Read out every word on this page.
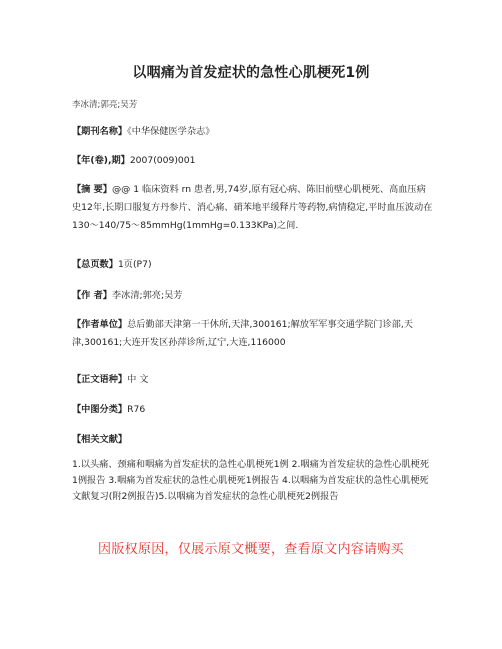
以咽痛为首发症状的急性心肌梗死1例
李冰清;郭亮;吴芳
【期刊名称】《中华保健医学杂志》
【年(卷),期】2007(009)001
【摘 要】@@ 1 临床资料 rn 患者,男,74岁,原有冠心病、陈旧前壁心肌梗死、高血压病史12年,长期口服复方丹参片、消心痛、硝苯地平缓释片等药物,病情稳定,平时血压波动在130～140/75～85mmHg(1mmHg=0.133KPa)之间.
【总页数】1页(P7)
【作 者】李冰清;郭亮;吴芳
【作者单位】总后勤部天津第一干休所,天津,300161;解放军军事交通学院门诊部,天津,300161;大连开发区孙萍诊所,辽宁,大连,116000
【正文语种】中 文
【中图分类】R76
【相关文献】
1.以头痛、颈痛和咽痛为首发症状的急性心肌梗死1例 2.咽痛为首发症状的急性心肌梗死1例报告 3.咽痛为首发症状的急性心肌梗死1例报告 4.以咽痛为首发症状的急性心肌梗死文献复习(附2例报告)5.以咽痛为首发症状的急性心肌梗死2例报告
因版权原因，仅展示原文概要，查看原文内容请购买
